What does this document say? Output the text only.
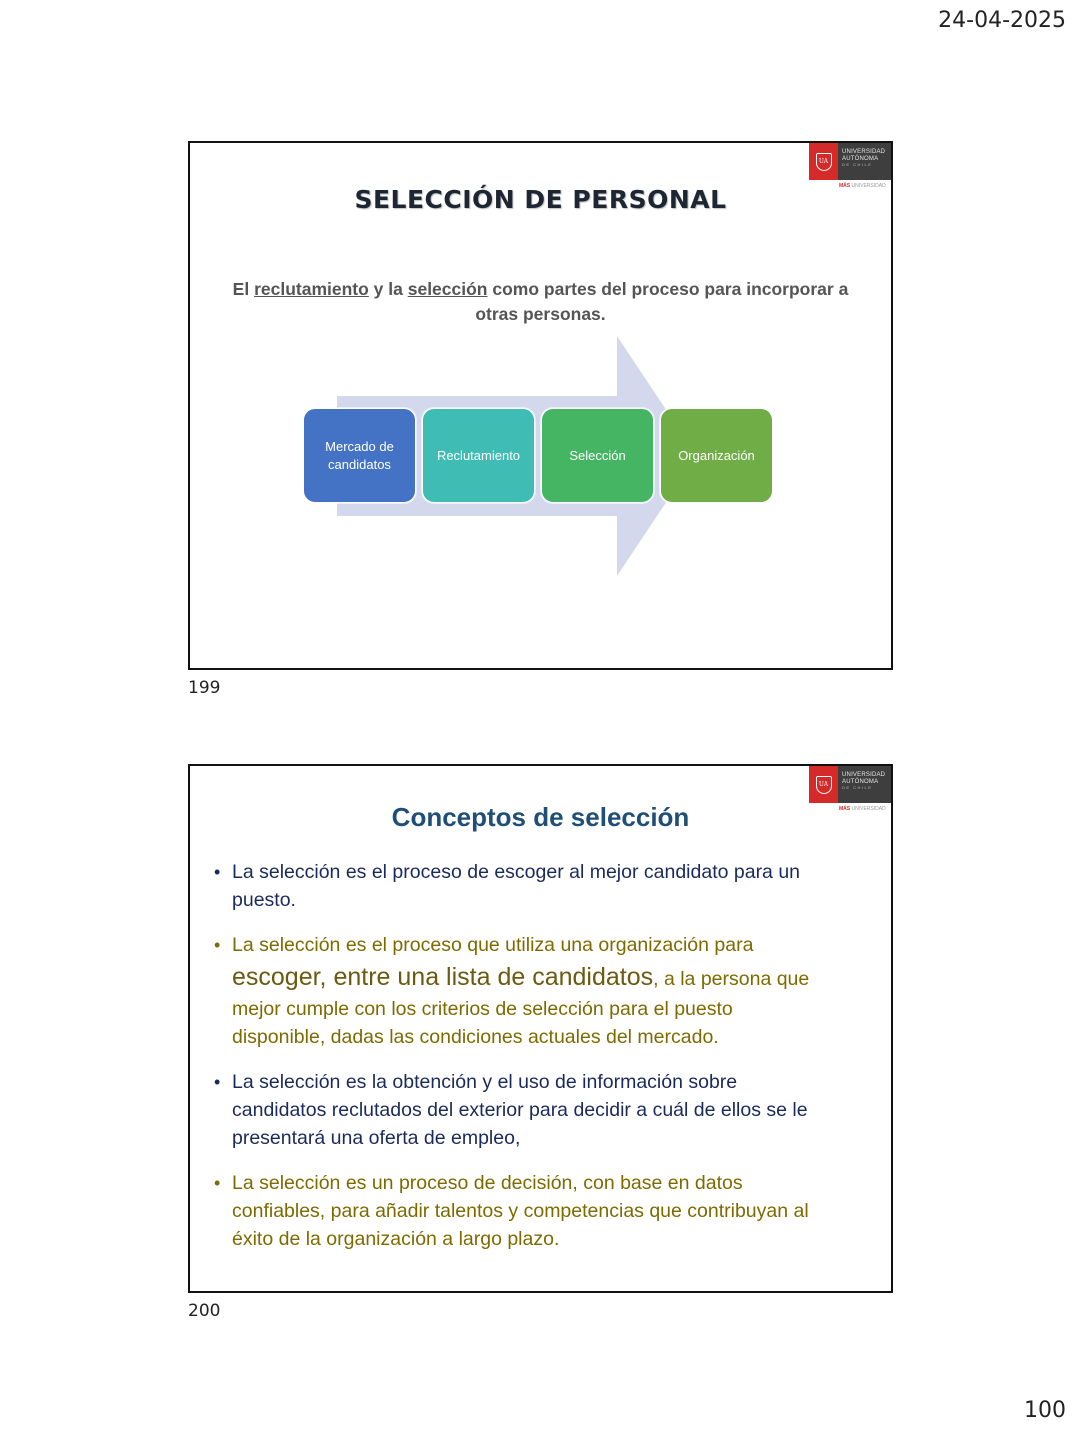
24-04-2025
UA
UNIVERSIDAD
AUTÓNOMA
DE CHILE
MÁS UNIVERSIDAD
SELECCIÓN DE PERSONAL
El reclutamiento y la selección como partes del proceso para incorporar a otras personas.
Mercado de candidatos
Reclutamiento	Selección	Organización
199
UA
UNIVERSIDAD
AUTÓNOMA
DE CHILE
MÁS UNIVERSIDAD
Conceptos de selección
• La selección es el proceso de escoger al mejor candidato para un puesto.
• La selección es el proceso que utiliza una organización para escoger, entre una lista de candidatos, a la persona que mejor cumple con los criterios de selección para el puesto disponible, dadas las condiciones actuales del mercado.
• La selección es la obtención y el uso de información sobre candidatos reclutados del exterior para decidir a cuál de ellos se le presentará una oferta de empleo,
• La selección es un proceso de decisión, con base en datos confiables, para añadir talentos y competencias que contribuyan al éxito de la organización a largo plazo.
200
100
